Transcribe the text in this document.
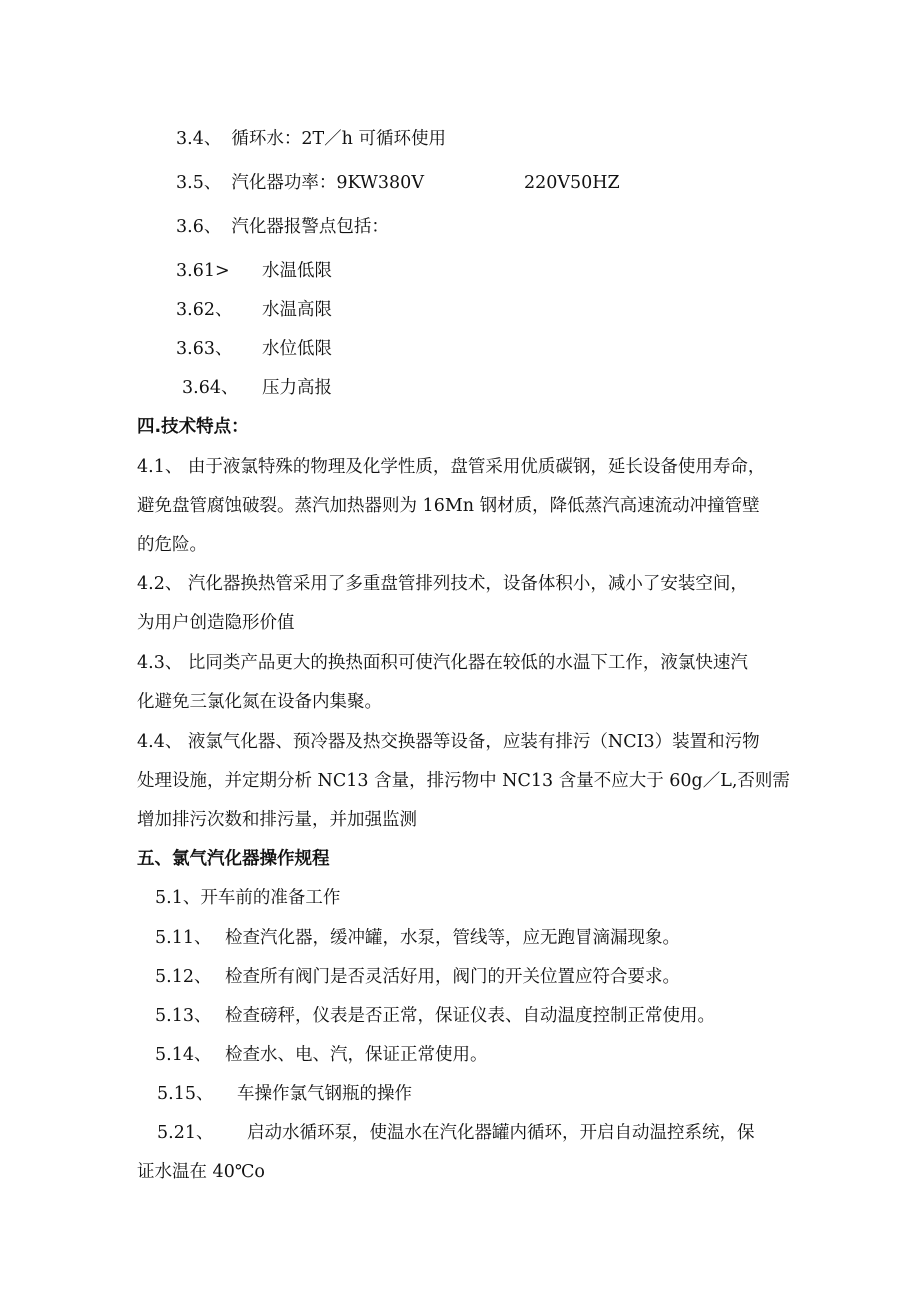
3.4、 循环水：2T／h 可循环使用
3.5、 汽化器功率：9KW380V	220V50HZ
3.6、 汽化器报警点包括：
3.61> 水温低限
3.62、 水温高限
3.63、 水位低限
3.64、 压力高报
四.技术特点：
4.1、 由于液氯特殊的物理及化学性质，盘管采用优质碳钢，延长设备使用寿命，
避免盘管腐蚀破裂。蒸汽加热器则为 16Mn 钢材质，降低蒸汽高速流动冲撞管壁
的危险。
4.2、 汽化器换热管采用了多重盘管排列技术，设备体积小，减小了安装空间，
为用户创造隐形价值
4.3、 比同类产品更大的换热面积可使汽化器在较低的水温下工作，液氯快速汽
化避免三氯化氮在设备内集聚。
4.4、 液氯气化器、预冷器及热交换器等设备，应装有排污（NCI3）装置和污物
处理设施，并定期分析 NC13 含量，排污物中 NC13 含量不应大于 60g／L,否则需
增加排污次数和排污量，并加强监测
五、氯气汽化器操作规程
5.1、开车前的准备工作
5.11、 检查汽化器，缓冲罐，水泵，管线等，应无跑冒滴漏现象。
5.12、 检查所有阀门是否灵活好用，阀门的开关位置应符合要求。
5.13、 检查磅秤，仪表是否正常，保证仪表、自动温度控制正常使用。
5.14、 检查水、电、汽，保证正常使用。
5.15、 车操作氯气钢瓶的操作
5.21、 启动水循环泵，使温水在汽化器罐内循环，开启自动温控系统，保
证水温在 40℃o
